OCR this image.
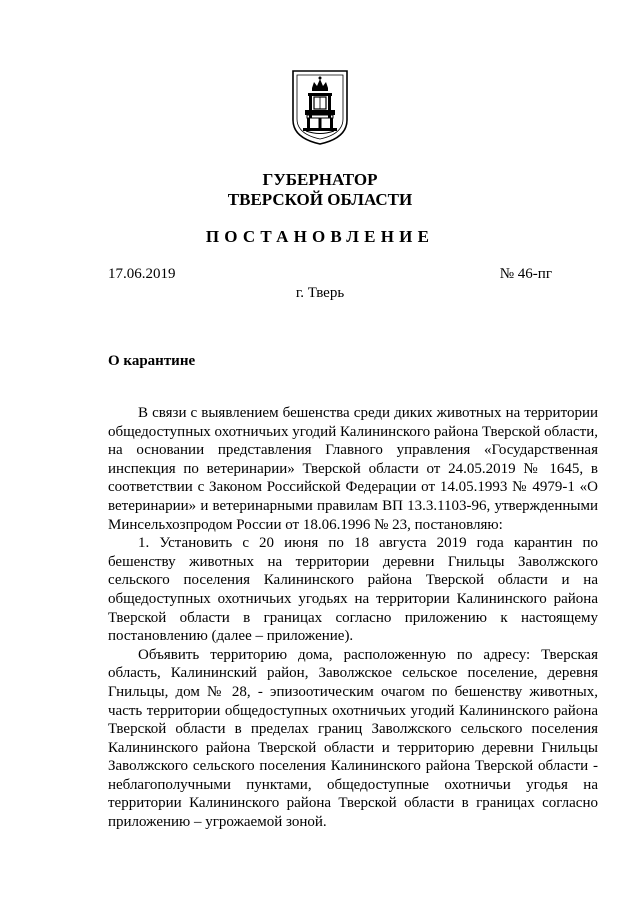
ГУБЕРНАТОР
ТВЕРСКОЙ ОБЛАСТИ
ПОСТАНОВЛЕНИЕ
17.06.2019	№ 46-пг
г. Тверь
О карантине

В связи с выявлением бешенства среди диких животных на территории общедоступных охотничьих угодий Калининского района Тверской области, на основании представления Главного управления «Государственная инспекция по ветеринарии» Тверской области от 24.05.2019 № 1645, в соответствии с Законом Российской Федерации от 14.05.1993 № 4979-1 «О ветеринарии» и ветеринарными правилам ВП 13.3.1103-96, утвержденными Минсельхозпродом России от 18.06.1996 № 23, постановляю:

1. Установить с 20 июня по 18 августа 2019 года карантин по бешенству животных на территории деревни Гнильцы Заволжского сельского поселения Калининского района Тверской области и на общедоступных охотничьих угодьях на территории Калининского района Тверской области в границах согласно приложению к настоящему постановлению (далее – приложение).

Объявить территорию дома, расположенную по адресу: Тверская область, Калининский район, Заволжское сельское поселение, деревня Гнильцы, дом № 28, - эпизоотическим очагом по бешенству животных, часть территории общедоступных охотничьих угодий Калининского района Тверской области в пределах границ Заволжского сельского поселения Калининского района Тверской области и территорию деревни Гнильцы Заволжского сельского поселения Калининского района Тверской области - неблагополучными пунктами, общедоступные охотничьи угодья на территории Калининского района Тверской области в границах согласно приложению – угрожаемой зоной.
